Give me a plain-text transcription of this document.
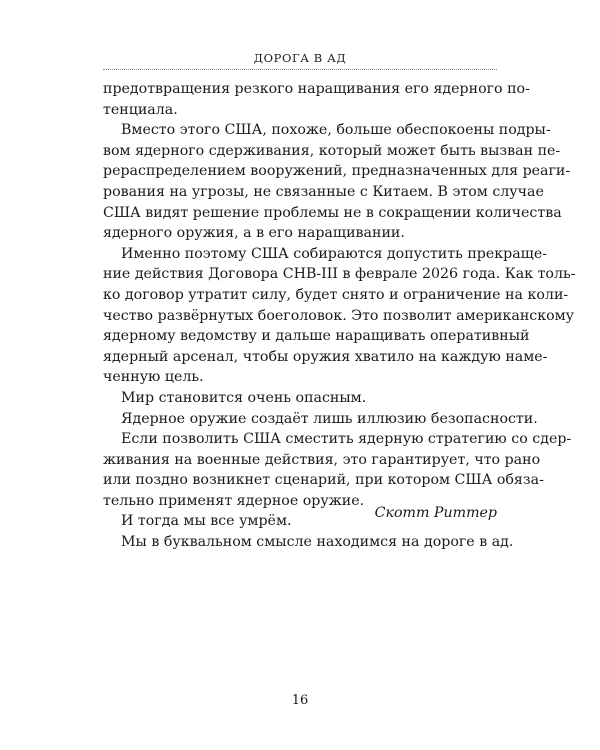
ДОРОГА В АД
предотвращения резкого наращивания его ядерного по-
тенциала.
Вместо этого США, похоже, больше обеспокоены подры-
вом ядерного сдерживания, который может быть вызван пе-
рераспределением вооружений, предназначенных для реаги-
рования на угрозы, не связанные с Китаем. В этом случае
США видят решение проблемы не в сокращении количества
ядерного оружия, а в его наращивании.
Именно поэтому США собираются допустить прекраще-
ние действия Договора СНВ-III в феврале 2026 года. Как толь-
ко договор утратит силу, будет снято и ограничение на коли-
чество развёрнутых боеголовок. Это позволит американскому
ядерному ведомству и дальше наращивать оперативный
ядерный арсенал, чтобы оружия хватило на каждую наме-
ченную цель.
Мир становится очень опасным.
Ядерное оружие создаёт лишь иллюзию безопасности.
Если позволить США сместить ядерную стратегию со сдер-
живания на военные действия, это гарантирует, что рано
или поздно возникнет сценарий, при котором США обяза-
тельно применят ядерное оружие.
И тогда мы все умрём.
Мы в буквальном смысле находимся на дороге в ад.
Скотт Риттер
16
